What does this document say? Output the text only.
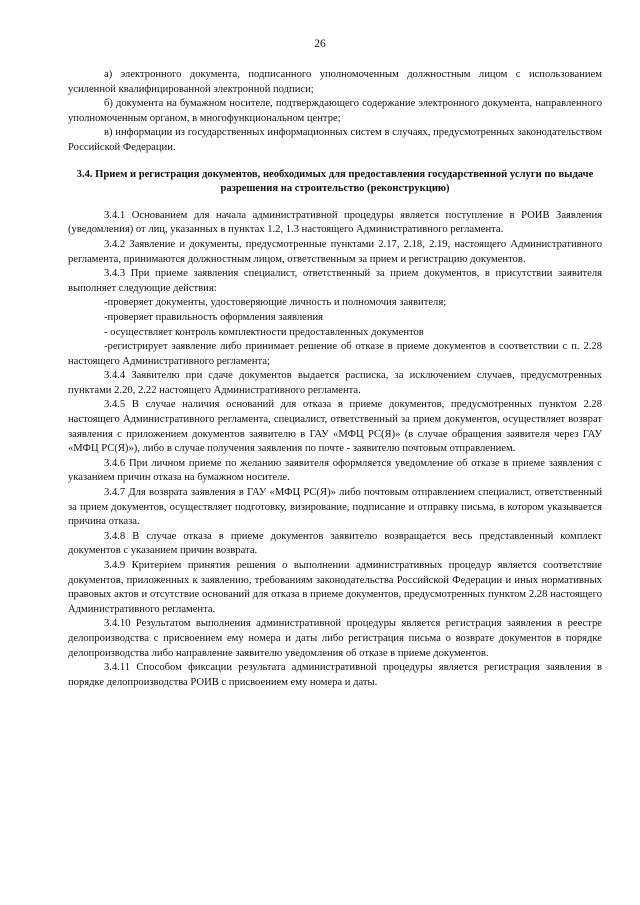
26

а) электронного документа, подписанного уполномоченным должностным лицом с использованием усиленной квалифицированной электронной подписи;

б) документа на бумажном носителе, подтверждающего содержание электронного документа, направленного уполномоченным органом, в многофункциональном центре;

в) информации из государственных информационных систем в случаях, предусмотренных законодательством Российской Федерации.

3.4. Прием и регистрация документов, необходимых для предоставления государственной услуги по выдаче разрешения на строительство (реконструкцию)

3.4.1 Основанием для начала административной процедуры является поступление в РОИВ Заявления (уведомления) от лиц, указанных в пунктах 1.2, 1.3 настоящего Административного регламента.

3.4.2 Заявление и документы, предусмотренные пунктами 2.17, 2.18, 2.19, настоящего Административного регламента, принимаются должностным лицом, ответственным за прием и регистрацию документов.

3.4.3 При приеме заявления специалист, ответственный за прием документов, в присутствии заявителя выполняет следующие действия:

-проверяет документы, удостоверяющие личность и полномочия заявителя;

-проверяет правильность оформления заявления

- осуществляет контроль комплектности предоставленных документов

-регистрирует заявление либо принимает решение об отказе в приеме документов в соответствии с п. 2.28 настоящего Административного регламента;

3.4.4 Заявителю при сдаче документов выдается расписка, за исключением случаев, предусмотренных пунктами 2.20, 2.22 настоящего Административного регламента.

3.4.5 В случае наличия оснований для отказа в приеме документов, предусмотренных пунктом 2.28 настоящего Административного регламента, специалист, ответственный за прием документов, осуществляет возврат заявления с приложением документов заявителю в ГАУ «МФЦ РС(Я)» (в случае обращения заявителя через ГАУ «МФЦ РС(Я)»), либо в случае получения заявления по почте - заявителю почтовым отправлением.

3.4.6 При личном приеме по желанию заявителя оформляется уведомление об отказе в приеме заявления с указанием причин отказа на бумажном носителе.

3.4.7 Для возврата заявления в ГАУ «МФЦ РС(Я)» либо почтовым отправлением специалист, ответственный за прием документов, осуществляет подготовку, визирование, подписание и отправку письма, в котором указывается причина отказа.

3.4.8 В случае отказа в приеме документов заявителю возвращается весь представленный комплект документов с указанием причин возврата.

3.4.9 Критерием принятия решения о выполнении административных процедур является соответствие документов, приложенных к заявлению, требованиям законодательства Российской Федерации и иных нормативных правовых актов и отсутствие оснований для отказа в приеме документов, предусмотренных пунктом 2.28 настоящего Административного регламента.

3.4.10 Результатом выполнения административной процедуры является регистрация заявления в реестре делопроизводства с присвоением ему номера и даты либо регистрация письма о возврате документов в порядке делопроизводства либо направление заявителю уведомления об отказе в приеме документов.

3.4.11 Способом фиксации результата административной процедуры является регистрация заявления в порядке делопроизводства РОИВ с присвоением ему номера и даты.
